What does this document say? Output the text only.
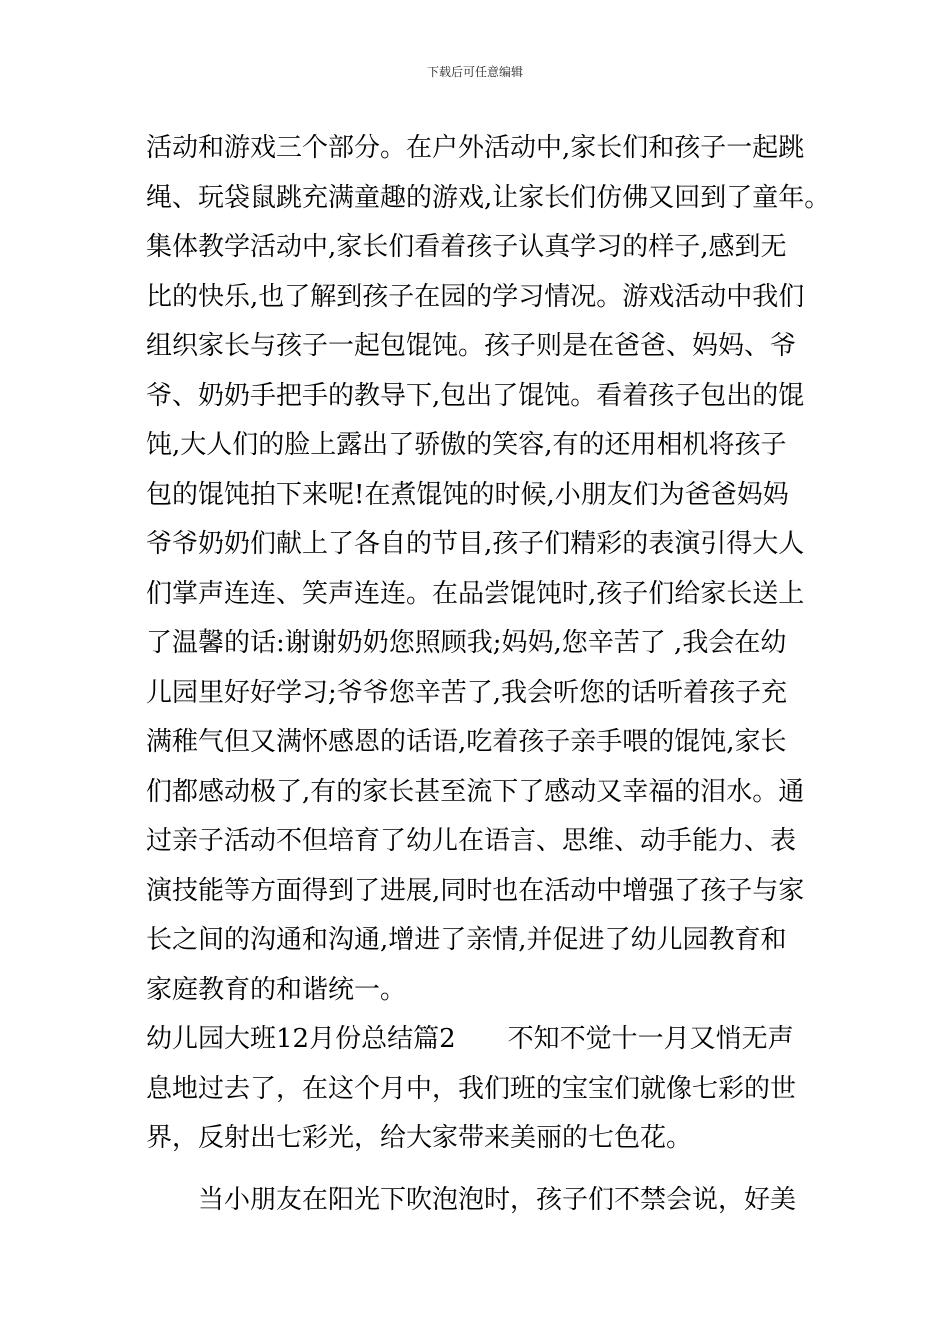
下载后可任意编辑
活动和游戏三个部分。在户外活动中,家长们和孩子一起跳
绳、玩袋鼠跳充满童趣的游戏,让家长们仿佛又回到了童年。
集体教学活动中,家长们看着孩子认真学习的样子,感到无
比的快乐,也了解到孩子在园的学习情况。游戏活动中我们
组织家长与孩子一起包馄饨。孩子则是在爸爸、妈妈、爷
爷、奶奶手把手的教导下,包出了馄饨。看着孩子包出的馄
饨,大人们的脸上露出了骄傲的笑容,有的还用相机将孩子
包的馄饨拍下来呢!在煮馄饨的时候,小朋友们为爸爸妈妈
爷爷奶奶们献上了各自的节目,孩子们精彩的表演引得大人
们掌声连连、笑声连连。在品尝馄饨时,孩子们给家长送上
了温馨的话:谢谢奶奶您照顾我;妈妈,您辛苦了 ,我会在幼
儿园里好好学习;爷爷您辛苦了,我会听您的话听着孩子充
满稚气但又满怀感恩的话语,吃着孩子亲手喂的馄饨,家长
们都感动极了,有的家长甚至流下了感动又幸福的泪水。通
过亲子活动不但培育了幼儿在语言、思维、动手能力、表
演技能等方面得到了进展,同时也在活动中增强了孩子与家
长之间的沟通和沟通,增进了亲情,并促进了幼儿园教育和
家庭教育的和谐统一。
幼儿园大班12月份总结篇2 不知不觉十一月又悄无声
息地过去了，在这个月中，我们班的宝宝们就像七彩的世
界，反射出七彩光，给大家带来美丽的七色花。
当小朋友在阳光下吹泡泡时，孩子们不禁会说，好美
